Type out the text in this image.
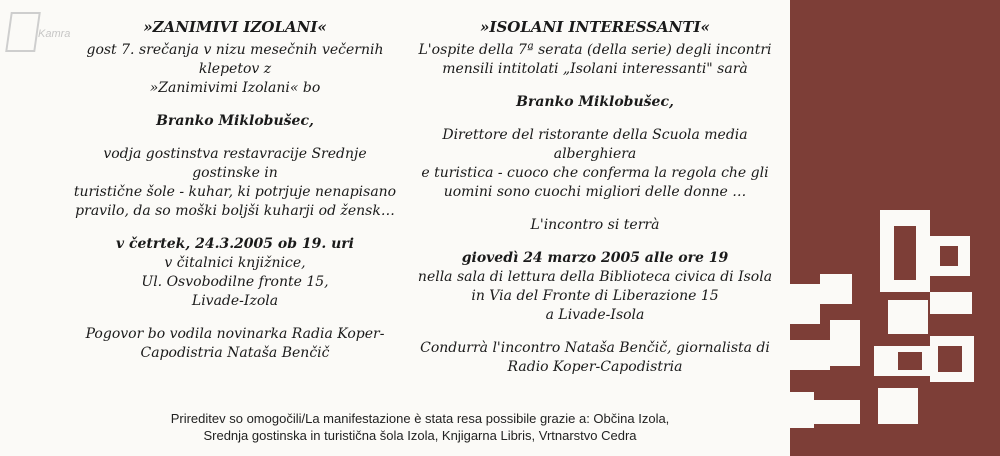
Kamra	»ZANIMIVI IZOLANI«
gost 7. srečanja v nizu mesečnih večernih klepetov z
»Zanimivimi Izolani« bo
Branko Miklobušec,
vodja gostinstva restavracije Srednje gostinske in
turistične šole - kuhar, ki potrjuje nenapisano
pravilo, da so moški boljši kuharji od žensk…
v četrtek, 24.3.2005 ob 19. uri
v čitalnici knjižnice,
Ul. Osvobodilne fronte 15,
Livade-Izola
Pogovor bo vodila novinarka Radia Koper-
Capodistria Nataša Benčič
»ISOLANI INTERESSANTI«
L'ospite della 7ª serata (della serie) degli incontri
mensili intitolati „Isolani interessanti" sarà
Branko Miklobušec,
Direttore del ristorante della Scuola media alberghiera
e turistica - cuoco che conferma la regola che gli
uomini sono cuochi migliori delle donne …
L'incontro si terrà
giovedì 24 marzo 2005 alle ore 19
nella sala di lettura della Biblioteca civica di Isola
in Via del Fronte di Liberazione 15
a Livade-Isola
Condurrà l'incontro Nataša Benčič, giornalista di
Radio Koper-Capodistria
Prireditev so omogočili/La manifestazione è stata resa possibile grazie a: Občina Izola,
Srednja gostinska in turistična šola Izola, Knjigarna Libris, Vrtnarstvo Cedra
